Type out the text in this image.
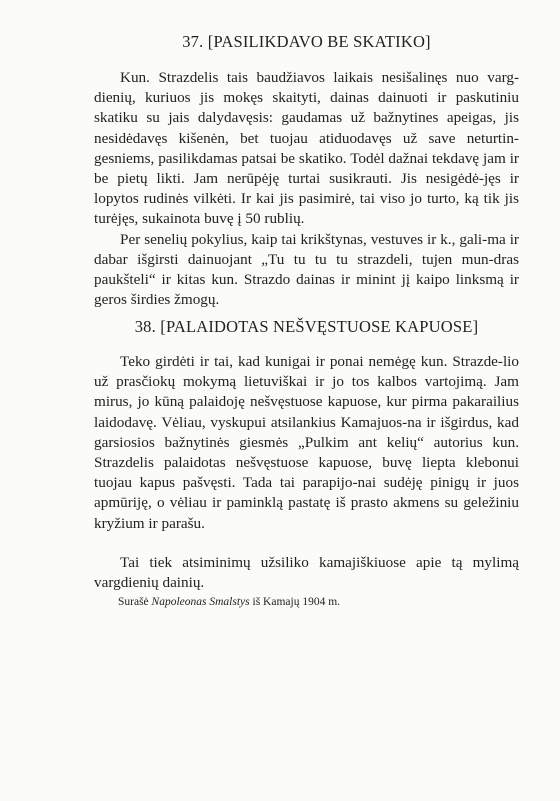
37. [PASILIKDAVO BE SKATIKO]

Kun. Strazdelis tais baudžiavos laikais nesišalinęs nuo varg-dienių, kuriuos jis mokęs skaityti, dainas dainuoti ir paskutiniu skatiku su jais dalydavęsis: gaudamas už bažnytines apeigas, jis nesidėdavęs kišenėn, bet tuojau atiduodavęs už save neturtin-gesniems, pasilikdamas patsai be skatiko. Todėl dažnai tekdavę jam ir be pietų likti. Jam nerūpėję turtai susikrauti. Jis nesigėdė-jęs ir lopytos rudinės vilkėti. Ir kai jis pasimirė, tai viso jo turto, ką tik jis turėjęs, sukainota buvę į 50 rublių.

Per senelių pokylius, kaip tai krikštynas, vestuves ir k., gali-ma ir dabar išgirsti dainuojant „Tu tu tu tu strazdeli, tujen mun-dras paukšteli“ ir kitas kun. Strazdo dainas ir minint jį kaipo linksmą ir geros širdies žmogų.

38. [PALAIDOTAS NEŠVĘSTUOSE KAPUOSE]

Teko girdėti ir tai, kad kunigai ir ponai nemėgę kun. Strazde-lio už prasčiokų mokymą lietuviškai ir jo tos kalbos vartojimą. Jam mirus, jo kūną palaidoję nešvęstuose kapuose, kur pirma pakarailius laidodavę. Vėliau, vyskupui atsilankius Kamajuos-na ir išgirdus, kad garsiosios bažnytinės giesmės „Pulkim ant kelių“ autorius kun. Strazdelis palaidotas nešvęstuose kapuose, buvę liepta klebonui tuojau kapus pašvęsti. Tada tai parapijo-nai sudėję pinigų ir juos apmūriję, o vėliau ir paminklą pastatę iš prasto akmens su geležiniu kryžium ir parašu.

Tai tiek atsiminimų užsiliko kamajiškiuose apie tą mylimą vargdienių dainių.

Surašė Napoleonas Smalstys iš Kamajų 1904 m.
